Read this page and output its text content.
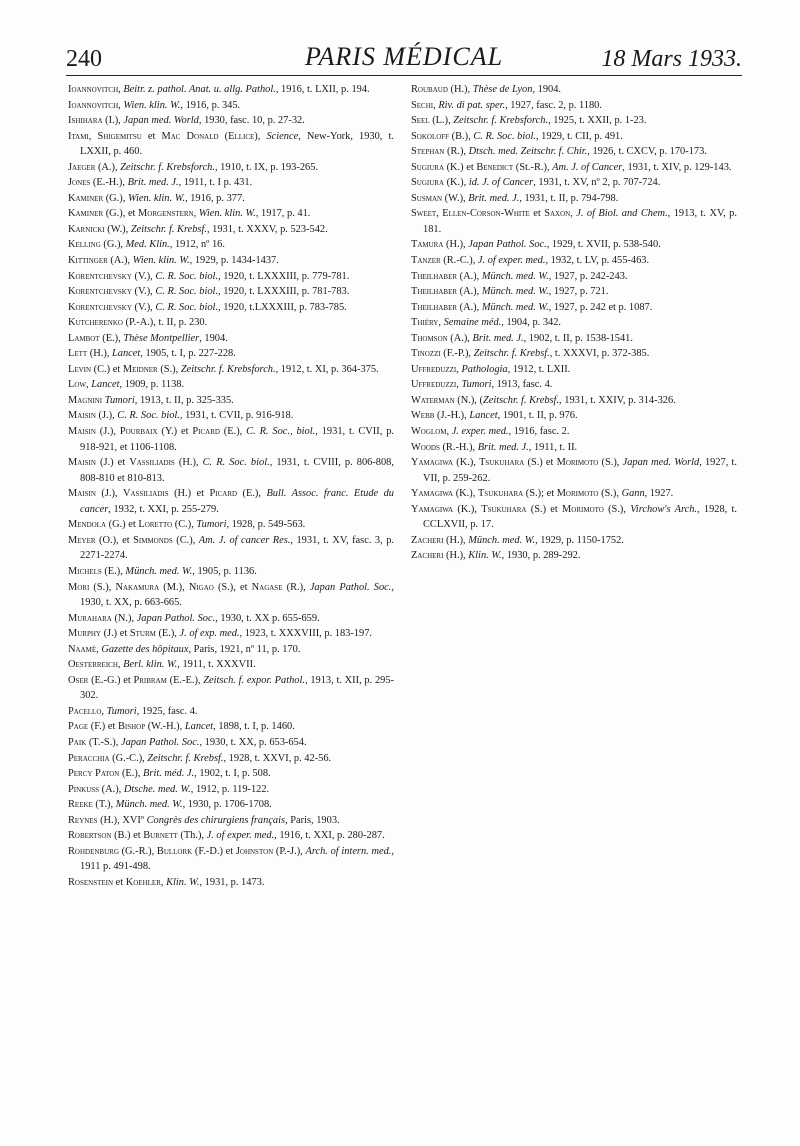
240	PARIS MÉDICAL	18 Mars 1933.

Ioannovitch, Beitr. z. pathol. Anat. u. allg. Pathol., 1916, t. LXII, p. 194.

Ioannovitch, Wien. klin. W., 1916, p. 345.

Ishihara (I.), Japan med. World, 1930, fasc. 10, p. 27-32.

Itami, Shigemitsu et Mac Donald (Ellice), Science, New-York, 1930, t. LXXII, p. 460.

Jaeger (A.), Zeitschr. f. Krebsforch., 1910, t. IX, p. 193-265.

Jones (E.-H.), Brit. med. J., 1911, t. I p. 431.

Kaminer (G.), Wien. klin. W., 1916, p. 377.

Kaminer (G.), et Morgenstern, Wien. klin. W., 1917, p. 41.

Karnicki (W.), Zeitschr. f. Krebsf., 1931, t. XXXV, p. 523-542.

Kelling (G.), Med. Klin., 1912, nº 16.

Kittinger (A.), Wien. klin. W., 1929, p. 1434-1437.

Korentchevsky (V.), C. R. Soc. biol., 1920, t. LXXXIII, p. 779-781.

Korentchevsky (V.), C. R. Soc. biol., 1920, t. LXXXIII, p. 781-783.

Korentchevsky (V.), C. R. Soc. biol., 1920, t.LXXXIII, p. 783-785.

Kutcherenko (P.-A.), t. II, p. 230.

Lambot (E.), Thèse Montpellier, 1904.

Lett (H.), Lancet, 1905, t. I, p. 227-228.

Levin (C.) et Meidner (S.), Zeitschr. f. Krebsforch., 1912, t. XI, p. 364-375.

Low, Lancet, 1909, p. 1138.

Magnini Tumori, 1913, t. II, p. 325-335.

Maisin (J.), C. R. Soc. biol., 1931, t. CVII, p. 916-918.

Maisin (J.), Pourbaix (Y.) et Picard (E.), C. R. Soc., biol., 1931, t. CVII, p. 918-921, et 1106-1108.

Maisin (J.) et Vassiliadis (H.), C. R. Soc. biol., 1931, t. CVIII, p. 806-808, 808-810 et 810-813.

Maisin (J.), Vassiliadis (H.) et Picard (E.), Bull. Assoc. franc. Etude du cancer, 1932, t. XXI, p. 255-279.

Mendola (G.) et Loretto (C.), Tumori, 1928, p. 549-563.

Meyer (O.), et Simmonds (C.), Am. J. of cancer Res., 1931, t. XV, fasc. 3, p. 2271-2274.

Michels (E.), Münch. med. W., 1905, p. 1136.

Mori (S.), Nakamura (M.), Nigao (S.), et Nagase (R.), Japan Pathol. Soc., 1930, t. XX, p. 663-665.

Murahara (N.), Japan Pathol. Soc., 1930, t. XX p. 655-659.

Murphy (J.) et Sturm (E.), J. of exp. med., 1923, t. XXXVIII, p. 183-197.

Naamé, Gazette des hôpitaux, Paris, 1921, nº 11, p. 170.

Oesterreich, Berl. klin. W., 1911, t. XXXVII.

Oser (E.-G.) et Pribram (E.-E.), Zeitsch. f. expor. Pathol., 1913, t. XII, p. 295-302.

Pacello, Tumori, 1925, fasc. 4.

Page (F.) et Bishop (W.-H.), Lancet, 1898, t. I, p. 1460.

Paik (T.-S.), Japan Pathol. Soc., 1930, t. XX, p. 653-654.

Peracchia (G.-C.), Zeitschr. f. Krebsf., 1928, t. XXVI, p. 42-56.

Percy Paton (E.), Brit. méd. J., 1902, t. I, p. 508.

Pinkuss (A.), Dtsche. med. W., 1912, p. 119-122.

Reeke (T.), Münch. med. W., 1930, p. 1706-1708.

Reynes (H.), XVIº Congrès des chirurgiens français, Paris, 1903.

Robertson (B.) et Burnett (Th.), J. of exper. med., 1916, t. XXI, p. 280-287.

Rohdenburg (G.-R.), Bullork (F.-D.) et Johnston (P.-J.), Arch. of intern. med., 1911 p. 491-498.

Rosenstein et Koehler, Klin. W., 1931, p. 1473.

Roubaud (H.), Thèse de Lyon, 1904.

Sechi, Riv. di pat. sper., 1927, fasc. 2, p. 1180.

Seel (L.), Zeitschr. f. Krebsforch., 1925, t. XXII, p. 1-23.

Sokoloff (B.), C. R. Soc. biol., 1929, t. CII, p. 491.

Stephan (R.), Dtsch. med. Zeitschr. f. Chir., 1926, t. CXCV, p. 170-173.

Sugiura (K.) et Benedict (St.-R.), Am. J. of Cancer, 1931, t. XIV, p. 129-143.

Sugiura (K.), id. J. of Cancer, 1931, t. XV, nº 2, p. 707-724.

Susman (W.), Brit. med. J., 1931, t. II, p. 794-798.

Sweet, Ellen-Corson-White et Saxon, J. of Biol. and Chem., 1913, t. XV, p. 181.

Tamura (H.), Japan Pathol. Soc., 1929, t. XVII, p. 538-540.

Tanzer (R.-C.), J. of exper. med., 1932, t. LV, p. 455-463.

Theilhaber (A.), Münch. med. W., 1927, p. 242-243.

Theilhaber (A.), Münch. med. W., 1927, p. 721.

Theilhaber (A.), Münch. med. W., 1927, p. 242 et p. 1087.

Thiéry, Semaine méd., 1904, p. 342.

Thomson (A.), Brit. med. J., 1902, t. II, p. 1538-1541.

Tinozzi (F.-P.), Zeitschr. f. Krebsf., t. XXXVI, p. 372-385.

Uffreduzzi, Pathologia, 1912, t. LXII.

Uffreduzzi, Tumori, 1913, fasc. 4.

Waterman (N.), (Zeitschr. f. Krebsf., 1931, t. XXIV, p. 314-326.

Webb (J.-H.), Lancet, 1901, t. II, p. 976.

Woglom, J. exper. med., 1916, fasc. 2.

Woods (R.-H.), Brit. med. J., 1911, t. II.

Yamagiwa (K.), Tsukuhara (S.) et Morimoto (S.), Japan med. World, 1927, t. VII, p. 259-262.

Yamagiwa (K.), Tsukuhara (S.); et Morimoto (S.), Gann, 1927.

Yamagiwa (K.), Tsukuhara (S.) et Morimoto (S.), Virchow's Arch., 1928, t. CCLXVII, p. 17.

Zacheri (H.), Münch. med. W., 1929, p. 1150-1752.

Zacheri (H.), Klin. W., 1930, p. 289-292.
